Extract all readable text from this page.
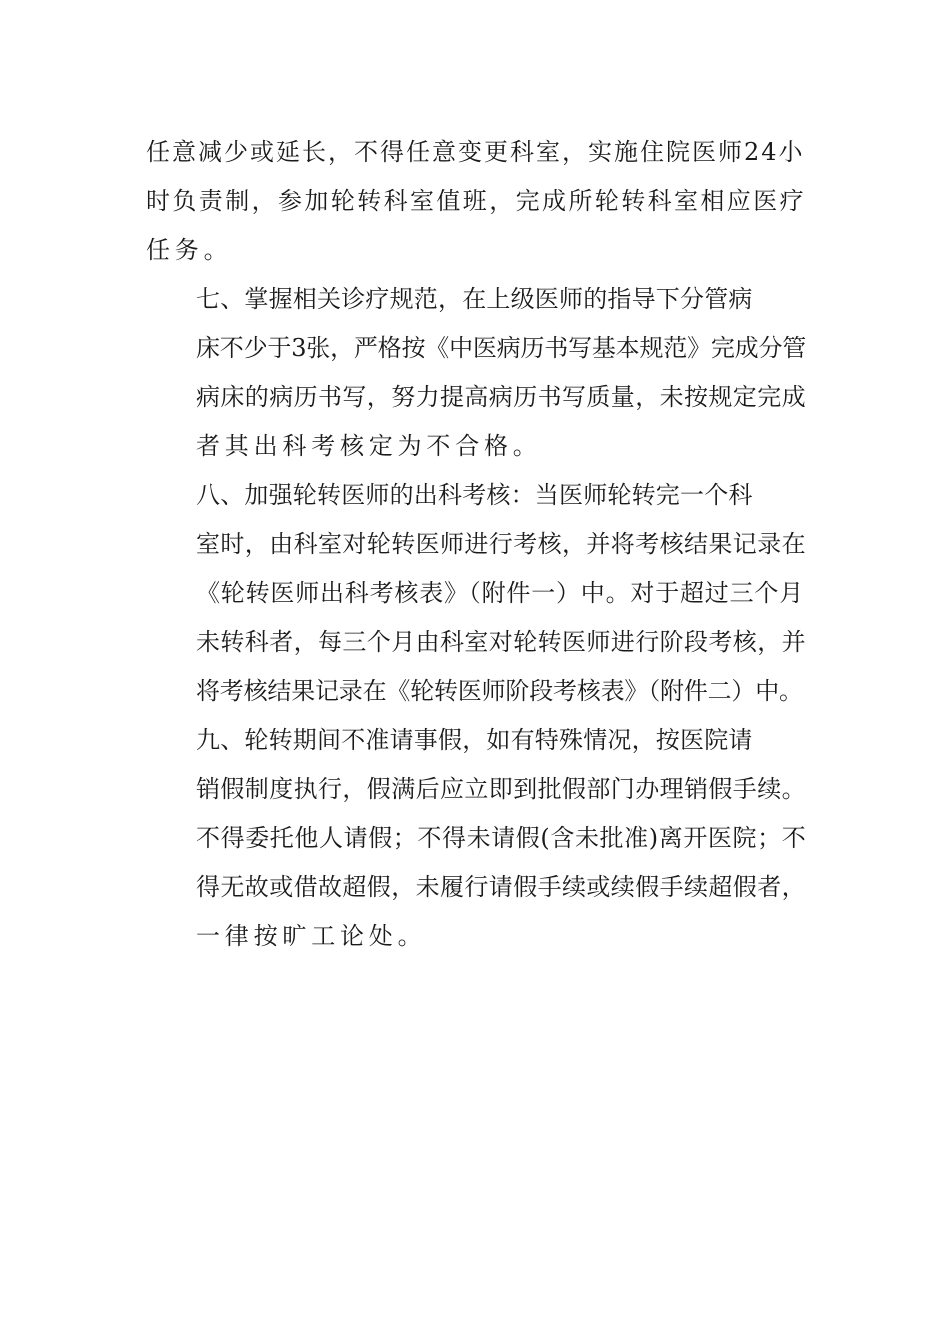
任意减少或延长，不得任意变更科室，实施住院医师24小
时负责制，参加轮转科室值班，完成所轮转科室相应医疗
任务。
七、掌握相关诊疗规范，在上级医师的指导下分管病
床不少于3张，严格按《中医病历书写基本规范》完成分管
病床的病历书写，努力提高病历书写质量，未按规定完成
者其出科考核定为不合格。
八、加强轮转医师的出科考核：当医师轮转完一个科
室时，由科室对轮转医师进行考核，并将考核结果记录在
《轮转医师出科考核表》（附件一）中。对于超过三个月
未转科者，每三个月由科室对轮转医师进行阶段考核，并
将考核结果记录在《轮转医师阶段考核表》（附件二）中。
九、轮转期间不准请事假，如有特殊情况，按医院请
销假制度执行，假满后应立即到批假部门办理销假手续。
不得委托他人请假；不得未请假(含未批准)离开医院；不
得无故或借故超假，未履行请假手续或续假手续超假者，
一律按旷工论处。
